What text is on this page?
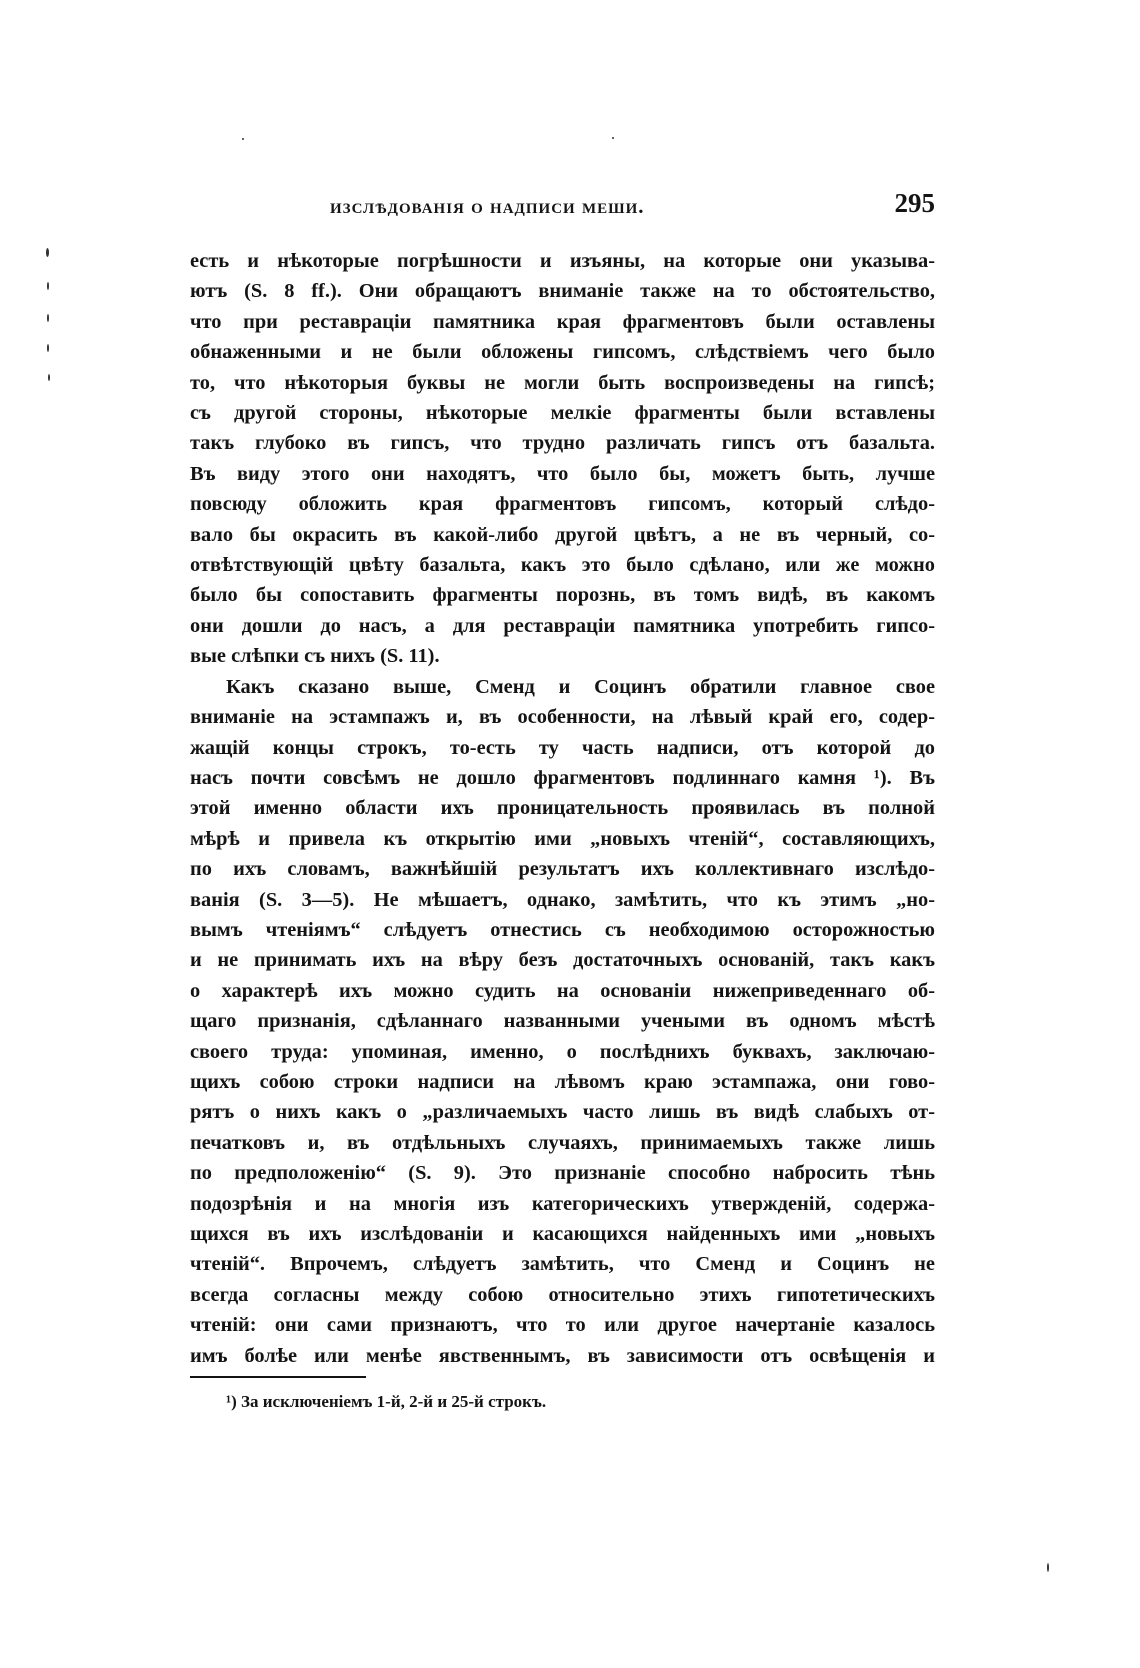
изслѣдованія о надписи меши.	295
есть и нѣкоторые погрѣшности и изъяны, на которые они указыва-
ютъ (S. 8 ff.). Они обращаютъ вниманіе также на то обстоятельство,
что при реставраціи памятника края фрагментовъ были оставлены
обнаженными и не были обложены гипсомъ, слѣдствіемъ чего было
то, что нѣкоторыя буквы не могли быть воспроизведены на гипсѣ;
съ другой стороны, нѣкоторые мелкіе фрагменты были вставлены
такъ глубоко въ гипсъ, что трудно различать гипсъ отъ базальта.
Въ виду этого они находятъ, что было бы, можетъ быть, лучше
повсюду обложить края фрагментовъ гипсомъ, который слѣдо-
вало бы окрасить въ какой-либо другой цвѣтъ, а не въ черный, со-
отвѣтствующій цвѣту базальта, какъ это было сдѣлано, или же можно
было бы сопоставить фрагменты порознь, въ томъ видѣ, въ какомъ
они дошли до насъ, а для реставраціи памятника употребить гипсо-
вые слѣпки съ нихъ (S. 11).
Какъ сказано выше, Сменд и Социнъ обратили главное свое
вниманіе на эстампажъ и, въ особенности, на лѣвый край его, содер-
жащій концы строкъ, то-есть ту часть надписи, отъ которой до
насъ почти совсѣмъ не дошло фрагментовъ подлиннаго камня ¹). Въ
этой именно области ихъ проницательность проявилась въ полной
мѣрѣ и привела къ открытію ими „новыхъ чтеній“, составляющихъ,
по ихъ словамъ, важнѣйшій результатъ ихъ коллективнаго изслѣдо-
ванія (S. 3—5). Не мѣшаетъ, однако, замѣтить, что къ этимъ „но-
вымъ чтеніямъ“ слѣдуетъ отнестись съ необходимою осторожностью
и не принимать ихъ на вѣру безъ достаточныхъ основаній, такъ какъ
о характерѣ ихъ можно судить на основаніи нижеприведеннаго об-
щаго признанія, сдѣланнаго названными учеными въ одномъ мѣстѣ
своего труда: упоминая, именно, о послѣднихъ буквахъ, заключаю-
щихъ собою строки надписи на лѣвомъ краю эстампажа, они гово-
рятъ о нихъ какъ о „различаемыхъ часто лишь въ видѣ слабыхъ от-
печатковъ и, въ отдѣльныхъ случаяхъ, принимаемыхъ также лишь
по предположенію“ (S. 9). Это признаніе способно набросить тѣнь
подозрѣнія и на многія изъ категорическихъ утвержденій, содержа-
щихся въ ихъ изслѣдованіи и касающихся найденныхъ ими „новыхъ
чтеній“. Впрочемъ, слѣдуетъ замѣтить, что Сменд и Социнъ не
всегда согласны между собою относительно этихъ гипотетическихъ
чтеній: они сами признаютъ, что то или другое начертаніе казалось
имъ болѣе или менѣе явственнымъ, въ зависимости отъ освѣщенія и
¹) За исключеніемъ 1-й, 2-й и 25-й строкъ.
